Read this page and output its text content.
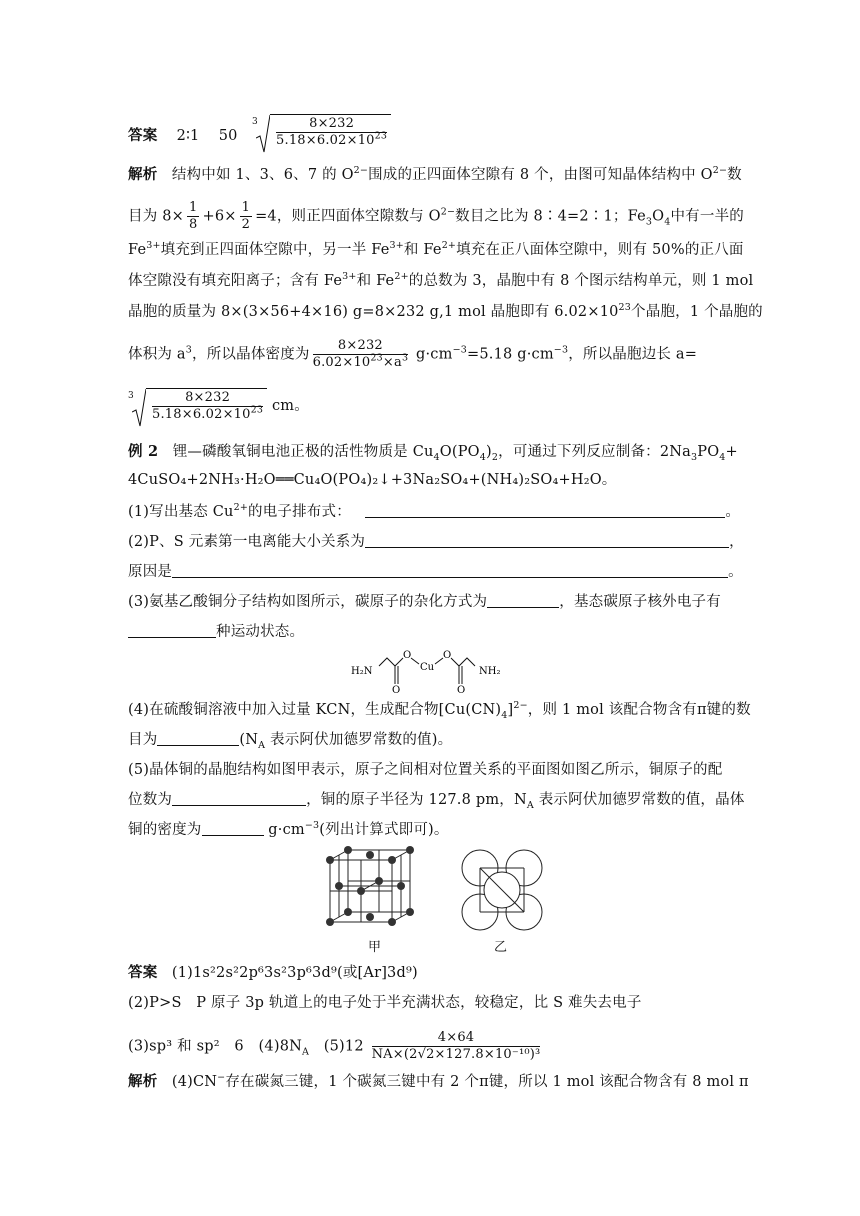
答案 2∶1 50
$3 \frac{8\times 232}{5.18\times 6.02\times 10^{23}}$
解析 结构中如 1、3、6、7 的 $O^{2-}$围成的正四面体空隙有 8 个，由图可知晶体结构中 $O^{2-}$数
目为 $8\times \frac{1}{8} +6\times \frac{1}{2} =4$，则正四面体空隙数与 $O^{2-}$数目之比为 8∶4=2∶1；$Fe_3O_4$中有一半的
$Fe^{3+}$填充到正四面体空隙中，另一半 $Fe^{3+}$和 $Fe^{2+}$填充在正八面体空隙中，则有 50%的正八面
体空隙没有填充阳离子；含有 $Fe^{3+}$和 $Fe^{2+}$的总数为 3，晶胞中有 8 个图示结构单元，则 1 mol
晶胞的质量为 8×(3×56+4×16) g=8×232 g,1 mol 晶胞即有 $6.02\times 10^{23}$个晶胞，1 个晶胞的
体积为 $a^3$，所以晶体密度为 $\frac{8\times 232}{6.02\times 10^{23}\times a^3} g\cdot cm^{-3}=5.18$ $g\cdot cm^{-3}$，所以晶胞边长 a=
$3 \frac{8\times 232}{5.18\times 6.02\times 10^{23}}$ cm。
例 2 锂—磷酸氧铜电池正极的活性物质是 $Cu_4O(PO_4)_2$，可通过下列反应制备：$2Na_3PO_4+$
4CuSO₄+2NH₃·H₂O══Cu₄O(PO₄)₂↓+3Na₂SO₄+(NH₄)₂SO₄+H₂O。
(1)写出基态 $Cu^{2+}$的电子排布式：	。
(2)P、S 元素第一电离能大小关系为	，
原因是	。
(3)氨基乙酸铜分子结构如图所示，碳原子的杂化方式为	，基态碳原子核外电子有
种运动状态。
H₂N
O
Cu
O
O	O
NH₂
(4)在硫酸铜溶液中加入过量 KCN，生成配合物$[Cu(CN)_4]^{2-}$，则 1 mol 该配合物含有π键的数
目为	($N_A$ 表示阿伏加德罗常数的值)。
(5)晶体铜的晶胞结构如图甲表示，原子之间相对位置关系的平面图如图乙所示，铜原子的配
位数为	，铜的原子半径为 127.8 pm，$N_A$ 表示阿伏加德罗常数的值，晶体
铜的密度为	$g\cdot cm^{-3}$(列出计算式即可)。
甲	乙
答案 (1)1s²2s²2p⁶3s²3p⁶3d⁹(或[Ar]3d⁹)
(2)P>S　P 原子 3p 轨道上的电子处于半充满状态，较稳定，比 S 难失去电子
(3)sp³ 和 sp²　6　$(4)8N_A$　$(5)12 \frac{4\times 64}{\text{NA×(2√2×127.8×10⁻¹⁰)³}}$
解析 (4)CN−存在碳氮三键，1 个碳氮三键中有 2 个π键，所以 1 mol 该配合物含有 8 mol π
